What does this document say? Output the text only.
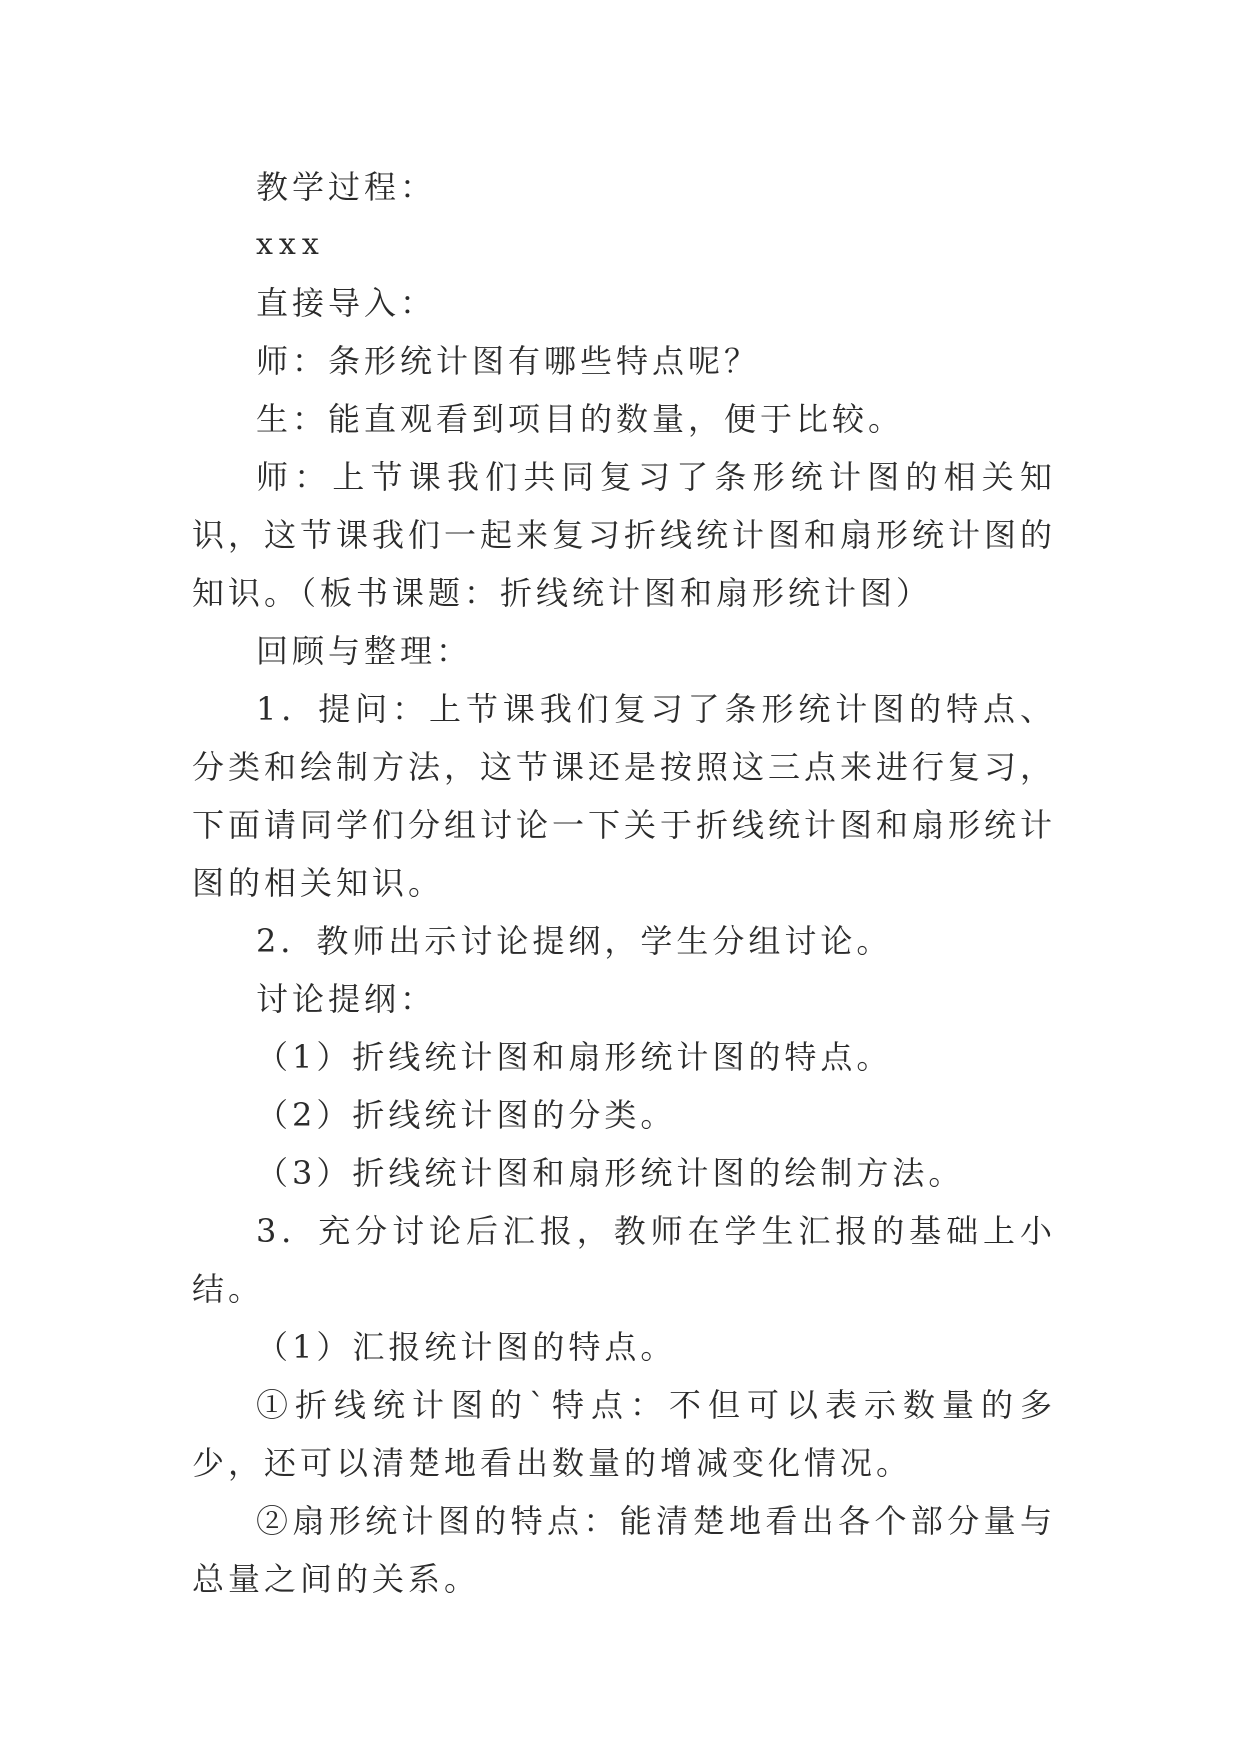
教学过程：

xxx

直接导入：

师：条形统计图有哪些特点呢？

生：能直观看到项目的数量，便于比较。

师：上节课我们共同复习了条形统计图的相关知识，这节课我们一起来复习折线统计图和扇形统计图的知识。（板书课题：折线统计图和扇形统计图）

回顾与整理：

1．提问：上节课我们复习了条形统计图的特点、分类和绘制方法，这节课还是按照这三点来进行复习，下面请同学们分组讨论一下关于折线统计图和扇形统计图的相关知识。

2．教师出示讨论提纲，学生分组讨论。

讨论提纲：

（1）折线统计图和扇形统计图的特点。

（2）折线统计图的分类。

（3）折线统计图和扇形统计图的绘制方法。

3．充分讨论后汇报，教师在学生汇报的基础上小结。

（1）汇报统计图的特点。

①折线统计图的`特点：不但可以表示数量的多少，还可以清楚地看出数量的增减变化情况。

②扇形统计图的特点：能清楚地看出各个部分量与总量之间的关系。
